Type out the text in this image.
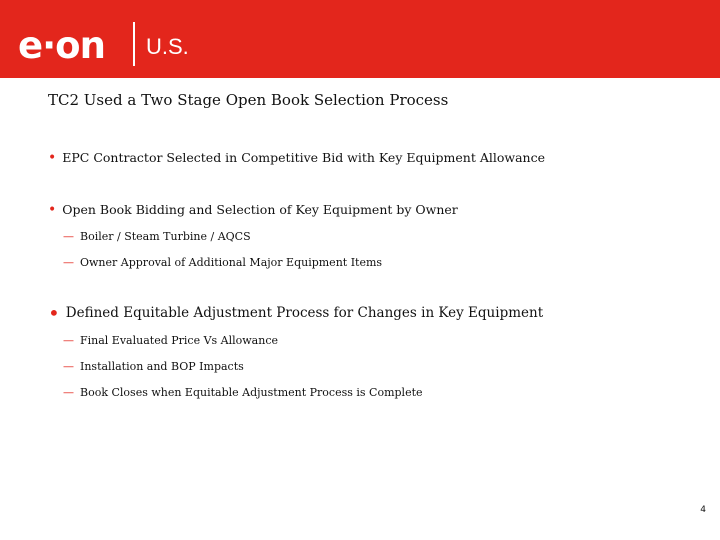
e·on U.S.
TC2 Used a Two Stage Open Book Selection Process
• EPC Contractor Selected in Competitive Bid with Key Equipment Allowance
• Open Book Bidding and Selection of Key Equipment by Owner
— Boiler / Steam Turbine / AQCS
— Owner Approval of Additional Major Equipment Items
• Defined Equitable Adjustment Process for Changes in Key Equipment
— Final Evaluated Price Vs Allowance
— Installation and BOP Impacts
— Book Closes when Equitable Adjustment Process is Complete
4
